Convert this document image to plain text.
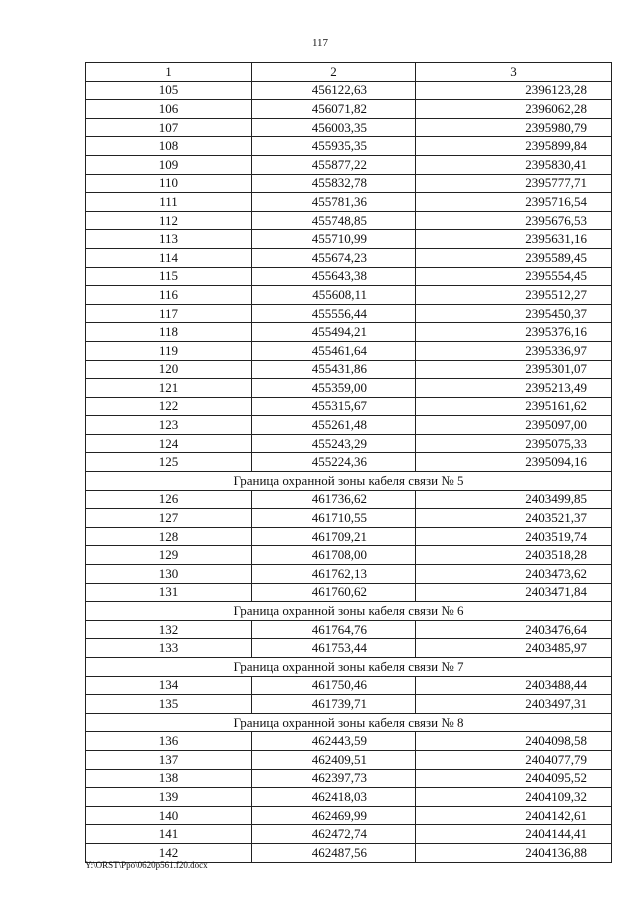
117
1	2	3
105	456122,63	2396123,28
106	456071,82	2396062,28
107	456003,35	2395980,79
108	455935,35	2395899,84
109	455877,22	2395830,41
110	455832,78	2395777,71
111	455781,36	2395716,54
112	455748,85	2395676,53
113	455710,99	2395631,16
114	455674,23	2395589,45
115	455643,38	2395554,45
116	455608,11	2395512,27
117	455556,44	2395450,37
118	455494,21	2395376,16
119	455461,64	2395336,97
120	455431,86	2395301,07
121	455359,00	2395213,49
122	455315,67	2395161,62
123	455261,48	2395097,00
124	455243,29	2395075,33
125	455224,36	2395094,16
Граница охранной зоны кабеля связи № 5		
126	461736,62	2403499,85
127	461710,55	2403521,37
128	461709,21	2403519,74
129	461708,00	2403518,28
130	461762,13	2403473,62
131	461760,62	2403471,84
Граница охранной зоны кабеля связи № 6		
132	461764,76	2403476,64
133	461753,44	2403485,97
Граница охранной зоны кабеля связи № 7		
134	461750,46	2403488,44
135	461739,71	2403497,31
Граница охранной зоны кабеля связи № 8		
136	462443,59	2404098,58
137	462409,51	2404077,79
138	462397,73	2404095,52
139	462418,03	2404109,32
140	462469,99	2404142,61
141	462472,74	2404144,41
142	462487,56	2404136,88
Y:\ORST\Ppo\0620p561.f20.docx
